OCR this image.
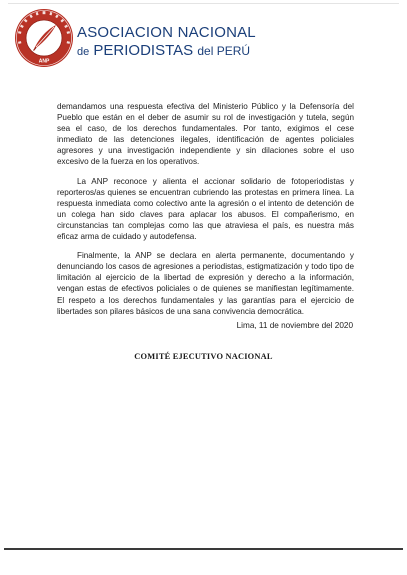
ANP
ASOCIACION NACIONAL
de PERIODISTAS del PERÚ

demandamos una respuesta efectiva del Ministerio Público y la Defensoría del Pueblo que están en el deber de asumir su rol de investigación y tutela, según sea el caso, de los derechos fundamentales. Por tanto, exigimos el cese inmediato de las detenciones ilegales, identificación de agentes policiales agresores y una investigación independiente y sin dilaciones sobre el uso excesivo de la fuerza en los operativos.

La ANP reconoce y alienta el accionar solidario de fotoperiodistas y reporteros/as quienes se encuentran cubriendo las protestas en primera línea. La respuesta inmediata como colectivo ante la agresión o el intento de detención de un colega han sido claves para aplacar los abusos. El compañerismo, en circunstancias tan complejas como las que atraviesa el país, es nuestra más eficaz arma de cuidado y autodefensa.

Finalmente, la ANP se declara en alerta permanente, documentando y denunciando los casos de agresiones a periodistas, estigmatización y todo tipo de limitación al ejercicio de la libertad de expresión y derecho a la información, vengan estas de efectivos policiales o de quienes se manifiestan legítimamente. El respeto a los derechos fundamentales y las garantías para el ejercicio de libertades son pilares básicos de una sana convivencia democrática.

Lima, 11 de noviembre del 2020
COMITÉ EJECUTIVO NACIONAL
